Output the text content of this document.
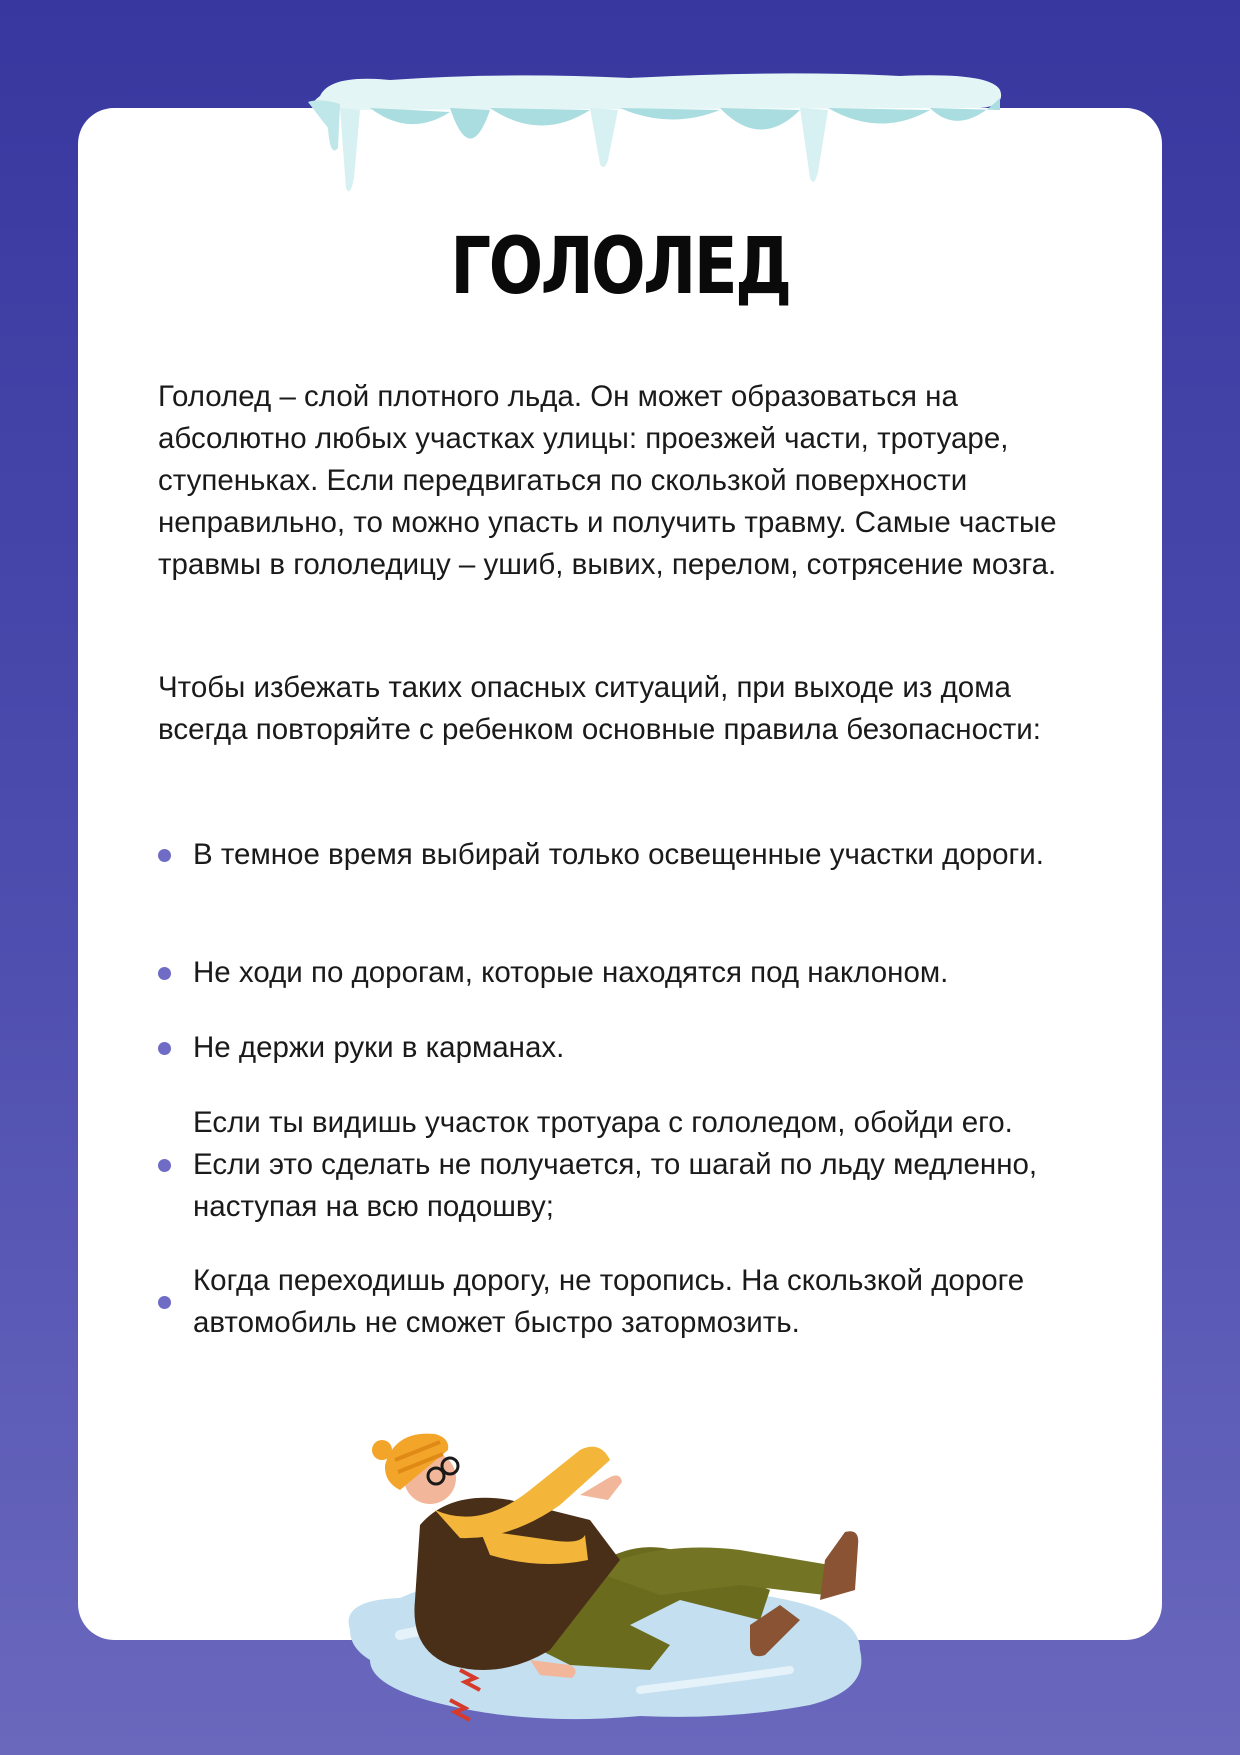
ГОЛОЛЕД

Гололед – слой плотного льда. Он может образоваться на абсолютно любых участках улицы: проезжей части, тротуаре, ступеньках. Если передвигаться по скользкой поверхности неправильно, то можно упасть и получить травму. Самые частые травмы в гололедицу – ушиб, вывих, перелом, сотрясение мозга.

Чтобы избежать таких опасных ситуаций, при выходе из дома всегда повторяйте с ребенком основные правила безопасности:

В темное время выбирай только освещенные участки дороги.
Не ходи по дорогам, которые находятся под наклоном.
Не держи руки в карманах.
Если ты видишь участок тротуара с гололедом, обойди его. Если это сделать не получается, то шагай по льду медленно, наступая на всю подошву;
Когда переходишь дорогу, не торопись. На скользкой дороге автомобиль не сможет быстро затормозить.
